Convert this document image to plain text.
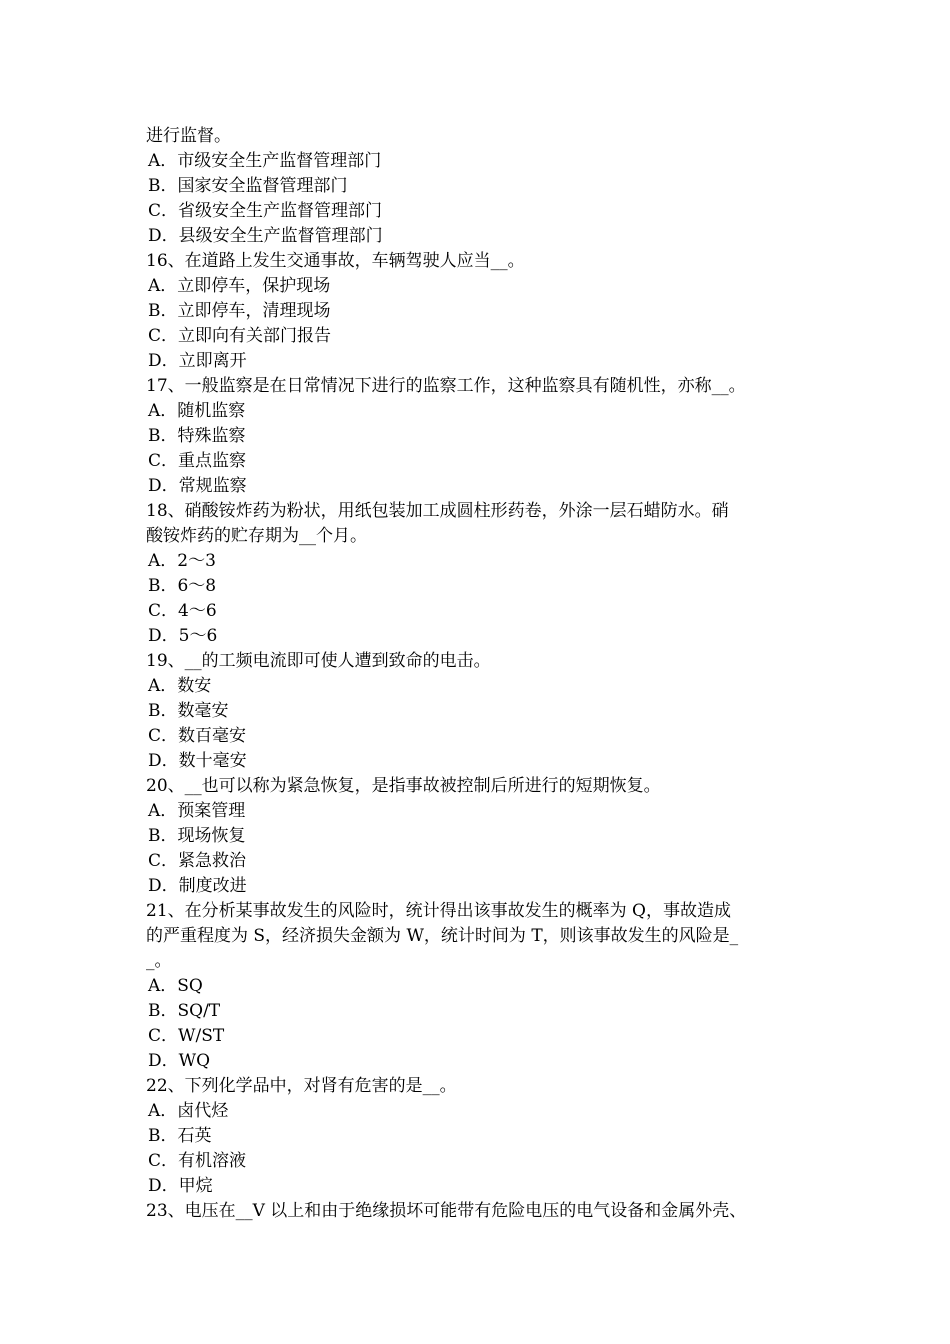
进行监督。
A．市级安全生产监督管理部门
B．国家安全监督管理部门
C．省级安全生产监督管理部门
D．县级安全生产监督管理部门
16、在道路上发生交通事故，车辆驾驶人应当__。
A．立即停车，保护现场
B．立即停车，清理现场
C．立即向有关部门报告
D．立即离开
17、一般监察是在日常情况下进行的监察工作，这种监察具有随机性，亦称__。
A．随机监察
B．特殊监察
C．重点监察
D．常规监察
18、硝酸铵炸药为粉状，用纸包装加工成圆柱形药卷，外涂一层石蜡防水。硝
酸铵炸药的贮存期为__个月。
A．2～3
B．6～8
C．4～6
D．5～6
19、__的工频电流即可使人遭到致命的电击。
A．数安
B．数毫安
C．数百毫安
D．数十毫安
20、__也可以称为紧急恢复，是指事故被控制后所进行的短期恢复。
A．预案管理
B．现场恢复
C．紧急救治
D．制度改进
21、在分析某事故发生的风险时，统计得出该事故发生的概率为 Q，事故造成
的严重程度为 S，经济损失金额为 W，统计时间为 T，则该事故发生的风险是_
_。
A．SQ
B．SQ/T
C．W/ST
D．WQ
22、下列化学品中，对肾有危害的是__。
A．卤代烃
B．石英
C．有机溶液
D．甲烷
23、电压在__V 以上和由于绝缘损坏可能带有危险电压的电气设备和金属外壳、
